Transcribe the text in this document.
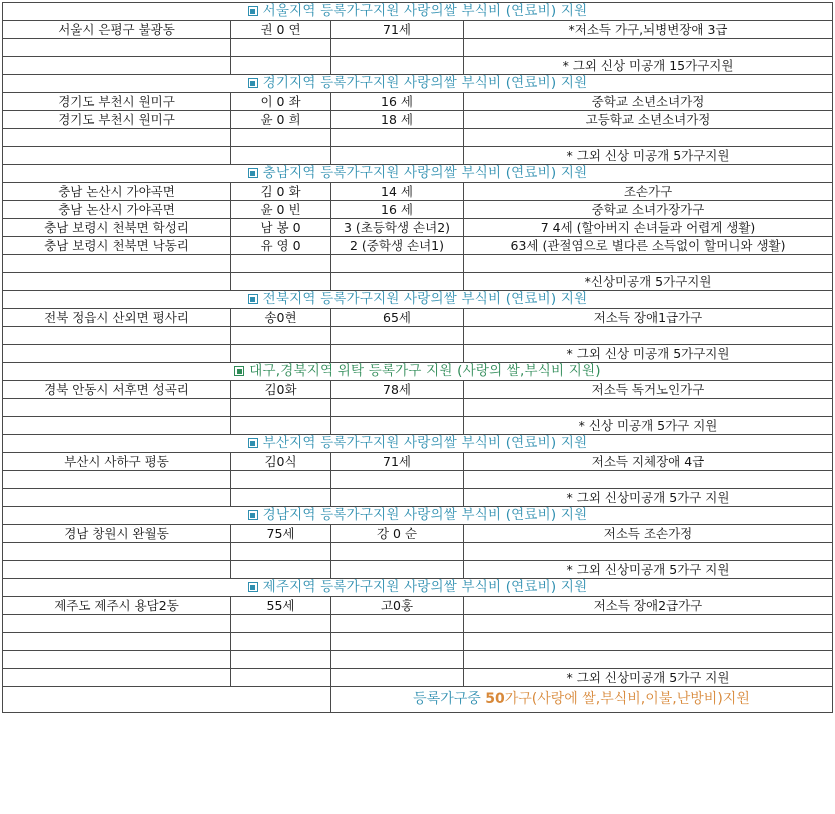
서울지역 등록가구지원 사랑의쌀 부식비 (연료비) 지원			
서울시 은평구 불광동	권 0 연	71세	*저소득 가구,뇌병변장애 3급

			* 그외 신상 미공개 15가구지원
경기지역 등록가구지원 사랑의쌀 부식비 (연료비) 지원			
경기도 부천시 원미구	이 0 좌	16 세	중학교 소년소녀가정
경기도 부천시 원미구	윤 0 희	18 세	고등학교 소년소녀가정

			* 그외 신상 미공개 5가구지원
충남지역 등록가구지원 사랑의쌀 부식비 (연료비) 지원			
충남 논산시 가야곡면	김 0 화	14 세	조손가구
충남 논산시 가야곡면	윤 0 빈	16 세	중학교 소녀가장가구
충남 보령시 천북면 학성리	남 봉 0	3 (초등학생 손녀2)	7 4세 (할아버지 손녀들과 어렵게 생활)
충남 보령시 천북면 낙동리	유 영 0	2 (중학생 손녀1)	63세 (관절염으로 별다른 소득없이 할머니와 생활)

			*신상미공개 5가구지원
전북지역 등록가구지원 사랑의쌀 부식비 (연료비) 지원			
전북 정읍시 산외면 평사리	송0현	65세	저소득 장애1급가구

			* 그외 신상 미공개 5가구지원
대구,경북지역 위탁 등록가구 지원 (사랑의 쌀,부식비 지원)			
경북 안동시 서후면 성곡리	김0화	78세	저소득 독거노인가구

			* 신상 미공개 5가구 지원
부산지역 등록가구지원 사랑의쌀 부식비 (연료비) 지원			
부산시 사하구 평동	김0식	71세	저소득 지체장애 4급

			* 그외 신상미공개 5가구 지원
경남지역 등록가구지원 사랑의쌀 부식비 (연료비) 지원			
경남 창원시 완월동	75세	강 0 순	저소득 조손가정

			* 그외 신상미공개 5가구 지원
제주지역 등록가구지원 사랑의쌀 부식비 (연료비) 지원			
제주도 제주시 용담2동	55세	고0홍	저소득 장애2급가구

			* 그외 신상미공개 5가구 지원
		등록가구중 50가구(사랑에 쌀,부식비,이불,난방비)지원	
